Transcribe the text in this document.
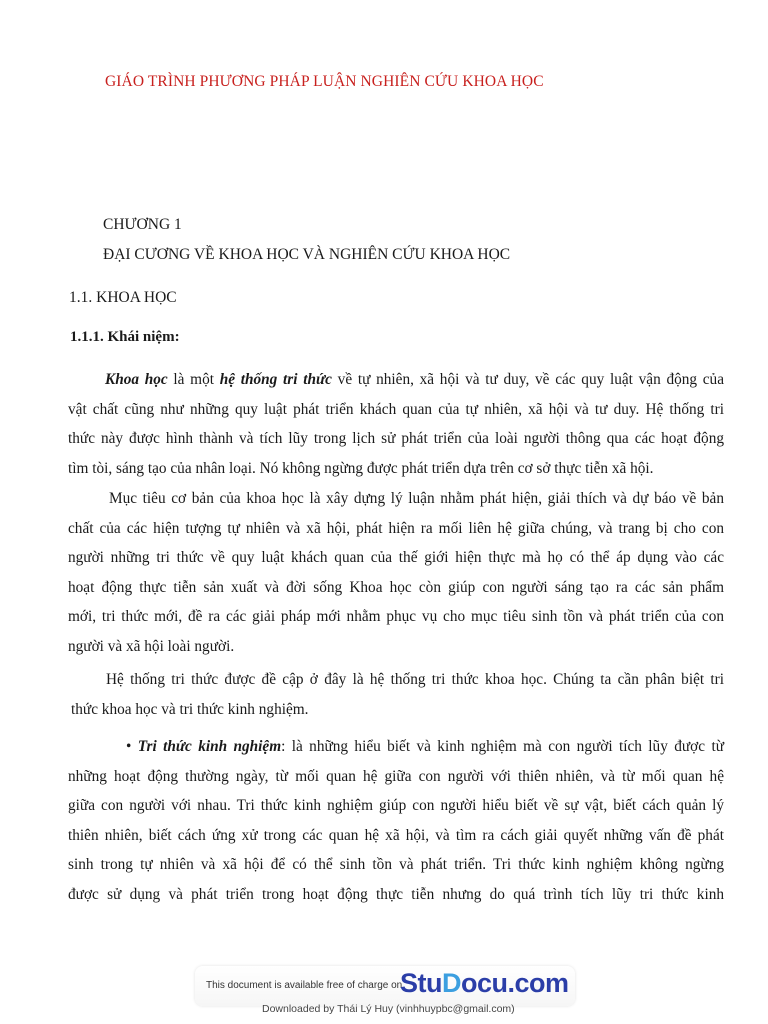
GIÁO TRÌNH PHƯƠNG PHÁP LUẬN NGHIÊN CỨU KHOA HỌC
CHƯƠNG 1
ĐẠI CƯƠNG VỀ KHOA HỌC VÀ NGHIÊN CỨU KHOA HỌC
1.1. KHOA HỌC
1.1.1. Khái niệm:
Khoa học là một hệ thống tri thức về tự nhiên, xã hội và tư duy, về các quy luật vận động của
vật chất cũng như những quy luật phát triển khách quan của tự nhiên, xã hội và tư duy. Hệ thống tri
thức này được hình thành và tích lũy trong lịch sử phát triển của loài người thông qua các hoạt động
tìm tòi, sáng tạo của nhân loại. Nó không ngừng được phát triển dựa trên cơ sở thực tiễn xã hội.
Mục tiêu cơ bản của khoa học là xây dựng lý luận nhằm phát hiện, giải thích và dự báo về bản
chất của các hiện tượng tự nhiên và xã hội, phát hiện ra mối liên hệ giữa chúng, và trang bị cho con
người những tri thức về quy luật khách quan của thế giới hiện thực mà họ có thể áp dụng vào các
hoạt động thực tiễn sản xuất và đời sống Khoa học còn giúp con người sáng tạo ra các sản phẩm
mới, tri thức mới, đề ra các giải pháp mới nhằm phục vụ cho mục tiêu sinh tồn và phát triển của con
người và xã hội loài người.
Hệ thống tri thức được đề cập ở đây là hệ thống tri thức khoa học. Chúng ta cần phân biệt tri
thức khoa học và tri thức kinh nghiệm.
• Tri thức kinh nghiệm: là những hiểu biết và kinh nghiệm mà con người tích lũy được từ
những hoạt động thường ngày, từ mối quan hệ giữa con người với thiên nhiên, và từ mối quan hệ
giữa con người với nhau. Tri thức kinh nghiệm giúp con người hiểu biết về sự vật, biết cách quản lý
thiên nhiên, biết cách ứng xử trong các quan hệ xã hội, và tìm ra cách giải quyết những vấn đề phát
sinh trong tự nhiên và xã hội để có thể sinh tồn và phát triển. Tri thức kinh nghiệm không ngừng
được sử dụng và phát triển trong hoạt động thực tiễn nhưng do quá trình tích lũy tri thức kinh
This document is available free of charge on
StuDocu.com
Downloaded by Thái Lý Huy (vinhhuypbc@gmail.com)
